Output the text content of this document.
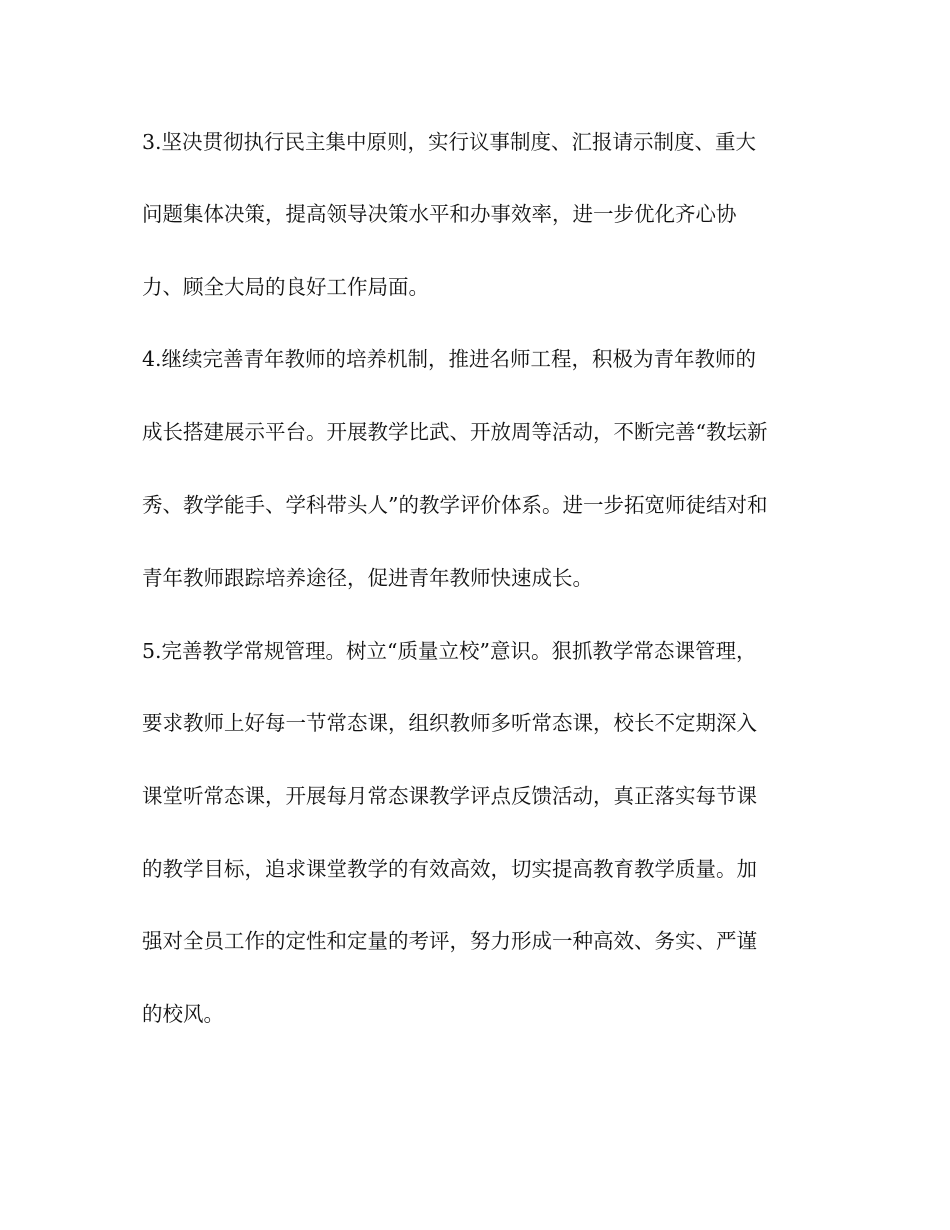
3.坚决贯彻执行民主集中原则，实行议事制度、汇报请示制度、重大
问题集体决策，提高领导决策水平和办事效率，进一步优化齐心协
力、顾全大局的良好工作局面。
4.继续完善青年教师的培养机制，推进名师工程，积极为青年教师的
成长搭建展示平台。开展教学比武、开放周等活动，不断完善“教坛新
秀、教学能手、学科带头人”的教学评价体系。进一步拓宽师徒结对和
青年教师跟踪培养途径，促进青年教师快速成长。
5.完善教学常规管理。树立“质量立校”意识。狠抓教学常态课管理，
要求教师上好每一节常态课，组织教师多听常态课，校长不定期深入
课堂听常态课，开展每月常态课教学评点反馈活动，真正落实每节课
的教学目标，追求课堂教学的有效高效，切实提高教育教学质量。加
强对全员工作的定性和定量的考评，努力形成一种高效、务实、严谨
的校风。
